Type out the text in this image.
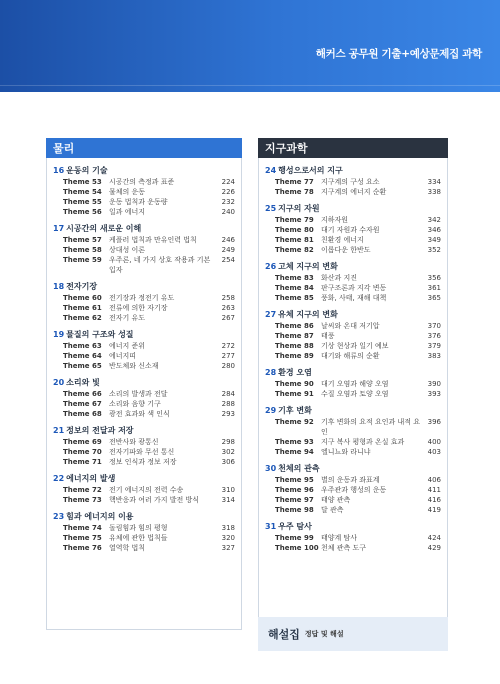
해커스 공무원 기출+예상문제집 과학
물리
16 운동의 기술
Theme 53	시공간의 측정과 표준	224
Theme 54	물체의 운동	226
Theme 55	운동 법칙과 운동량	232
Theme 56	일과 에너지	240
17 시공간의 새로운 이해
Theme 57	케플러 법칙과 만유인력 법칙	246
Theme 58	상대성 이론	249
Theme 59	우주론, 네 가지 상호 작용과 기본 입자
254
18 전자기장
Theme 60	전기장과 정전기 유도	258
Theme 61	전류에 의한 자기장	263
Theme 62	전자기 유도	267
19 물질의 구조와 성질
Theme 63	에너지 준위	272
Theme 64	에너지띠	277
Theme 65	반도체와 신소재	280
20 소리와 빛
Theme 66	소리의 발생과 전달	284
Theme 67	소리와 음향 기구	288
Theme 68	광전 효과와 색 인식	293
21 정보의 전달과 저장
Theme 69	전반사와 광통신	298
Theme 70	전자기파와 무선 통신	302
Theme 71	정보 인식과 정보 저장	306
22 에너지의 발생
Theme 72	전기 에너지의 전력 수송	310
Theme 73	핵반응과 여러 가지 발전 방식	314
23 힘과 에너지의 이용
Theme 74	돌림힘과 힘의 평형	318
Theme 75	유체에 관한 법칙들	320
Theme 76	열역학 법칙	327
지구과학
24 행성으로서의 지구
Theme 77	지구계의 구성 요소	334
Theme 78	지구계의 에너지 순환	338
25 지구의 자원
Theme 79	지하자원	342
Theme 80	대기 자원과 수자원	346
Theme 81	친환경 에너지	349
Theme 82	이롭다운 한반도	352
26 고체 지구의 변화
Theme 83	화산과 지진	356
Theme 84	판구조론과 지각 변동	361
Theme 85	풍화, 사태, 재해 대책	365
27 유체 지구의 변화
Theme 86	날씨와 온대 저기압	370
Theme 87	태풍	376
Theme 88	기상 현상과 일기 예보	379
Theme 89	대기와 해류의 순환	383
28 환경 오염
Theme 90	대기 오염과 해양 오염	390
Theme 91	수질 오염과 토양 오염	393
29 기후 변화
Theme 92	기후 변화의 요적 요인과 내적 요인
396
Theme 93	지구 복사 평형과 온실 효과	400
Theme 94	엘니뇨와 라니냐	403
30 천체의 관측
Theme 95	별의 운동과 좌표계	406
Theme 96	우주관과 행성의 운동	411
Theme 97	태양 관측	416
Theme 98	달 관측	419
31 우주 탐사
Theme 99	태양계 탐사	424
Theme 100 천체 관측 도구	429
해설집 정답 및 해설
